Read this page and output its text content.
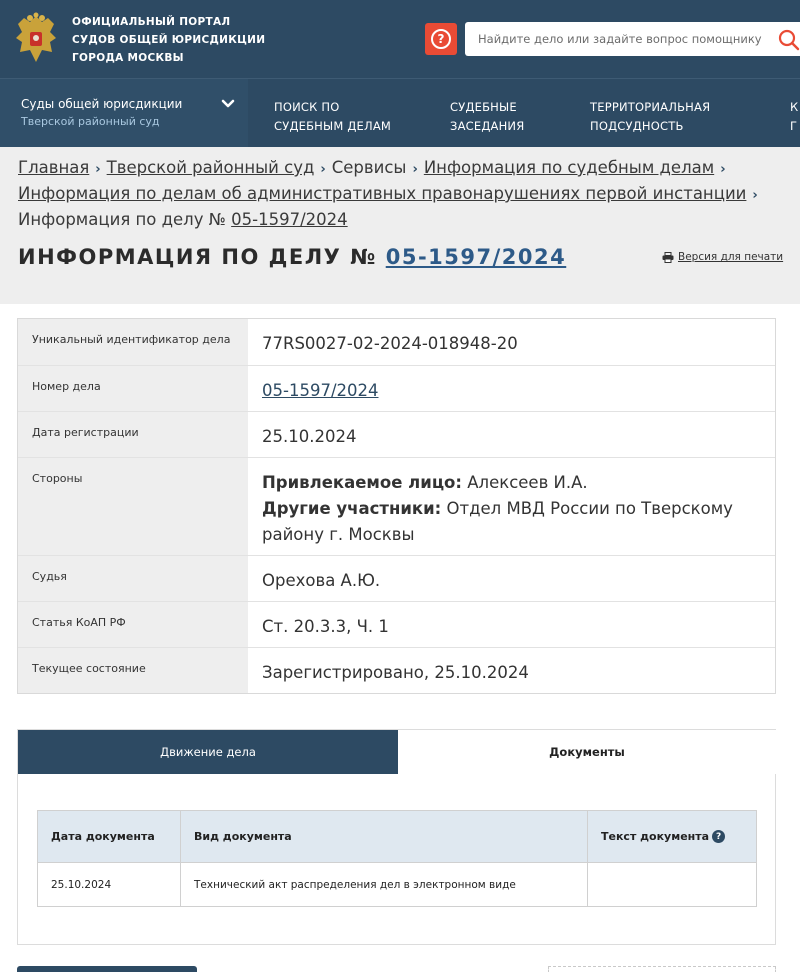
ОФИЦИАЛЬНЫЙ ПОРТАЛ
СУДОВ ОБЩЕЙ ЮРИСДИКЦИИ
ГОРОДА МОСКВЫ
?
Найдите дело или задайте вопрос помощнику
Суды общей юрисдикции
Тверской районный суд
ПОИСК ПО
СУДЕБНЫМ ДЕЛАМ
СУДЕБНЫЕ
ЗАСЕДАНИЯ
ТЕРРИТОРИАЛЬНАЯ
ПОДСУДНОСТЬ
К
Г
Главная › Тверской районный суд › Сервисы › Информация по судебным делам ›
Информация по делам об административных правонарушениях первой инстанции ›
Информация по делу № 05-1597/2024
ИНФОРМАЦИЯ ПО ДЕЛУ № 05-1597/2024	Версия для печати
Уникальный идентификатор дела	77RS0027-02-2024-018948-20
Номер дела	05-1597/2024
Дата регистрации	25.10.2024
Стороны	Привлекаемое лицо: Алексеев И.А.
Другие участники: Отдел МВД России по Тверскому району г. Москвы
Судья	Орехова А.Ю.
Статья КоАП РФ	Ст. 20.3.3, Ч. 1
Текущее состояние	Зарегистрировано, 25.10.2024
Движение дела	Документы
Дата документа	Вид документа	Текст документа ?
25.10.2024	Технический акт распределения дел в электронном виде	
